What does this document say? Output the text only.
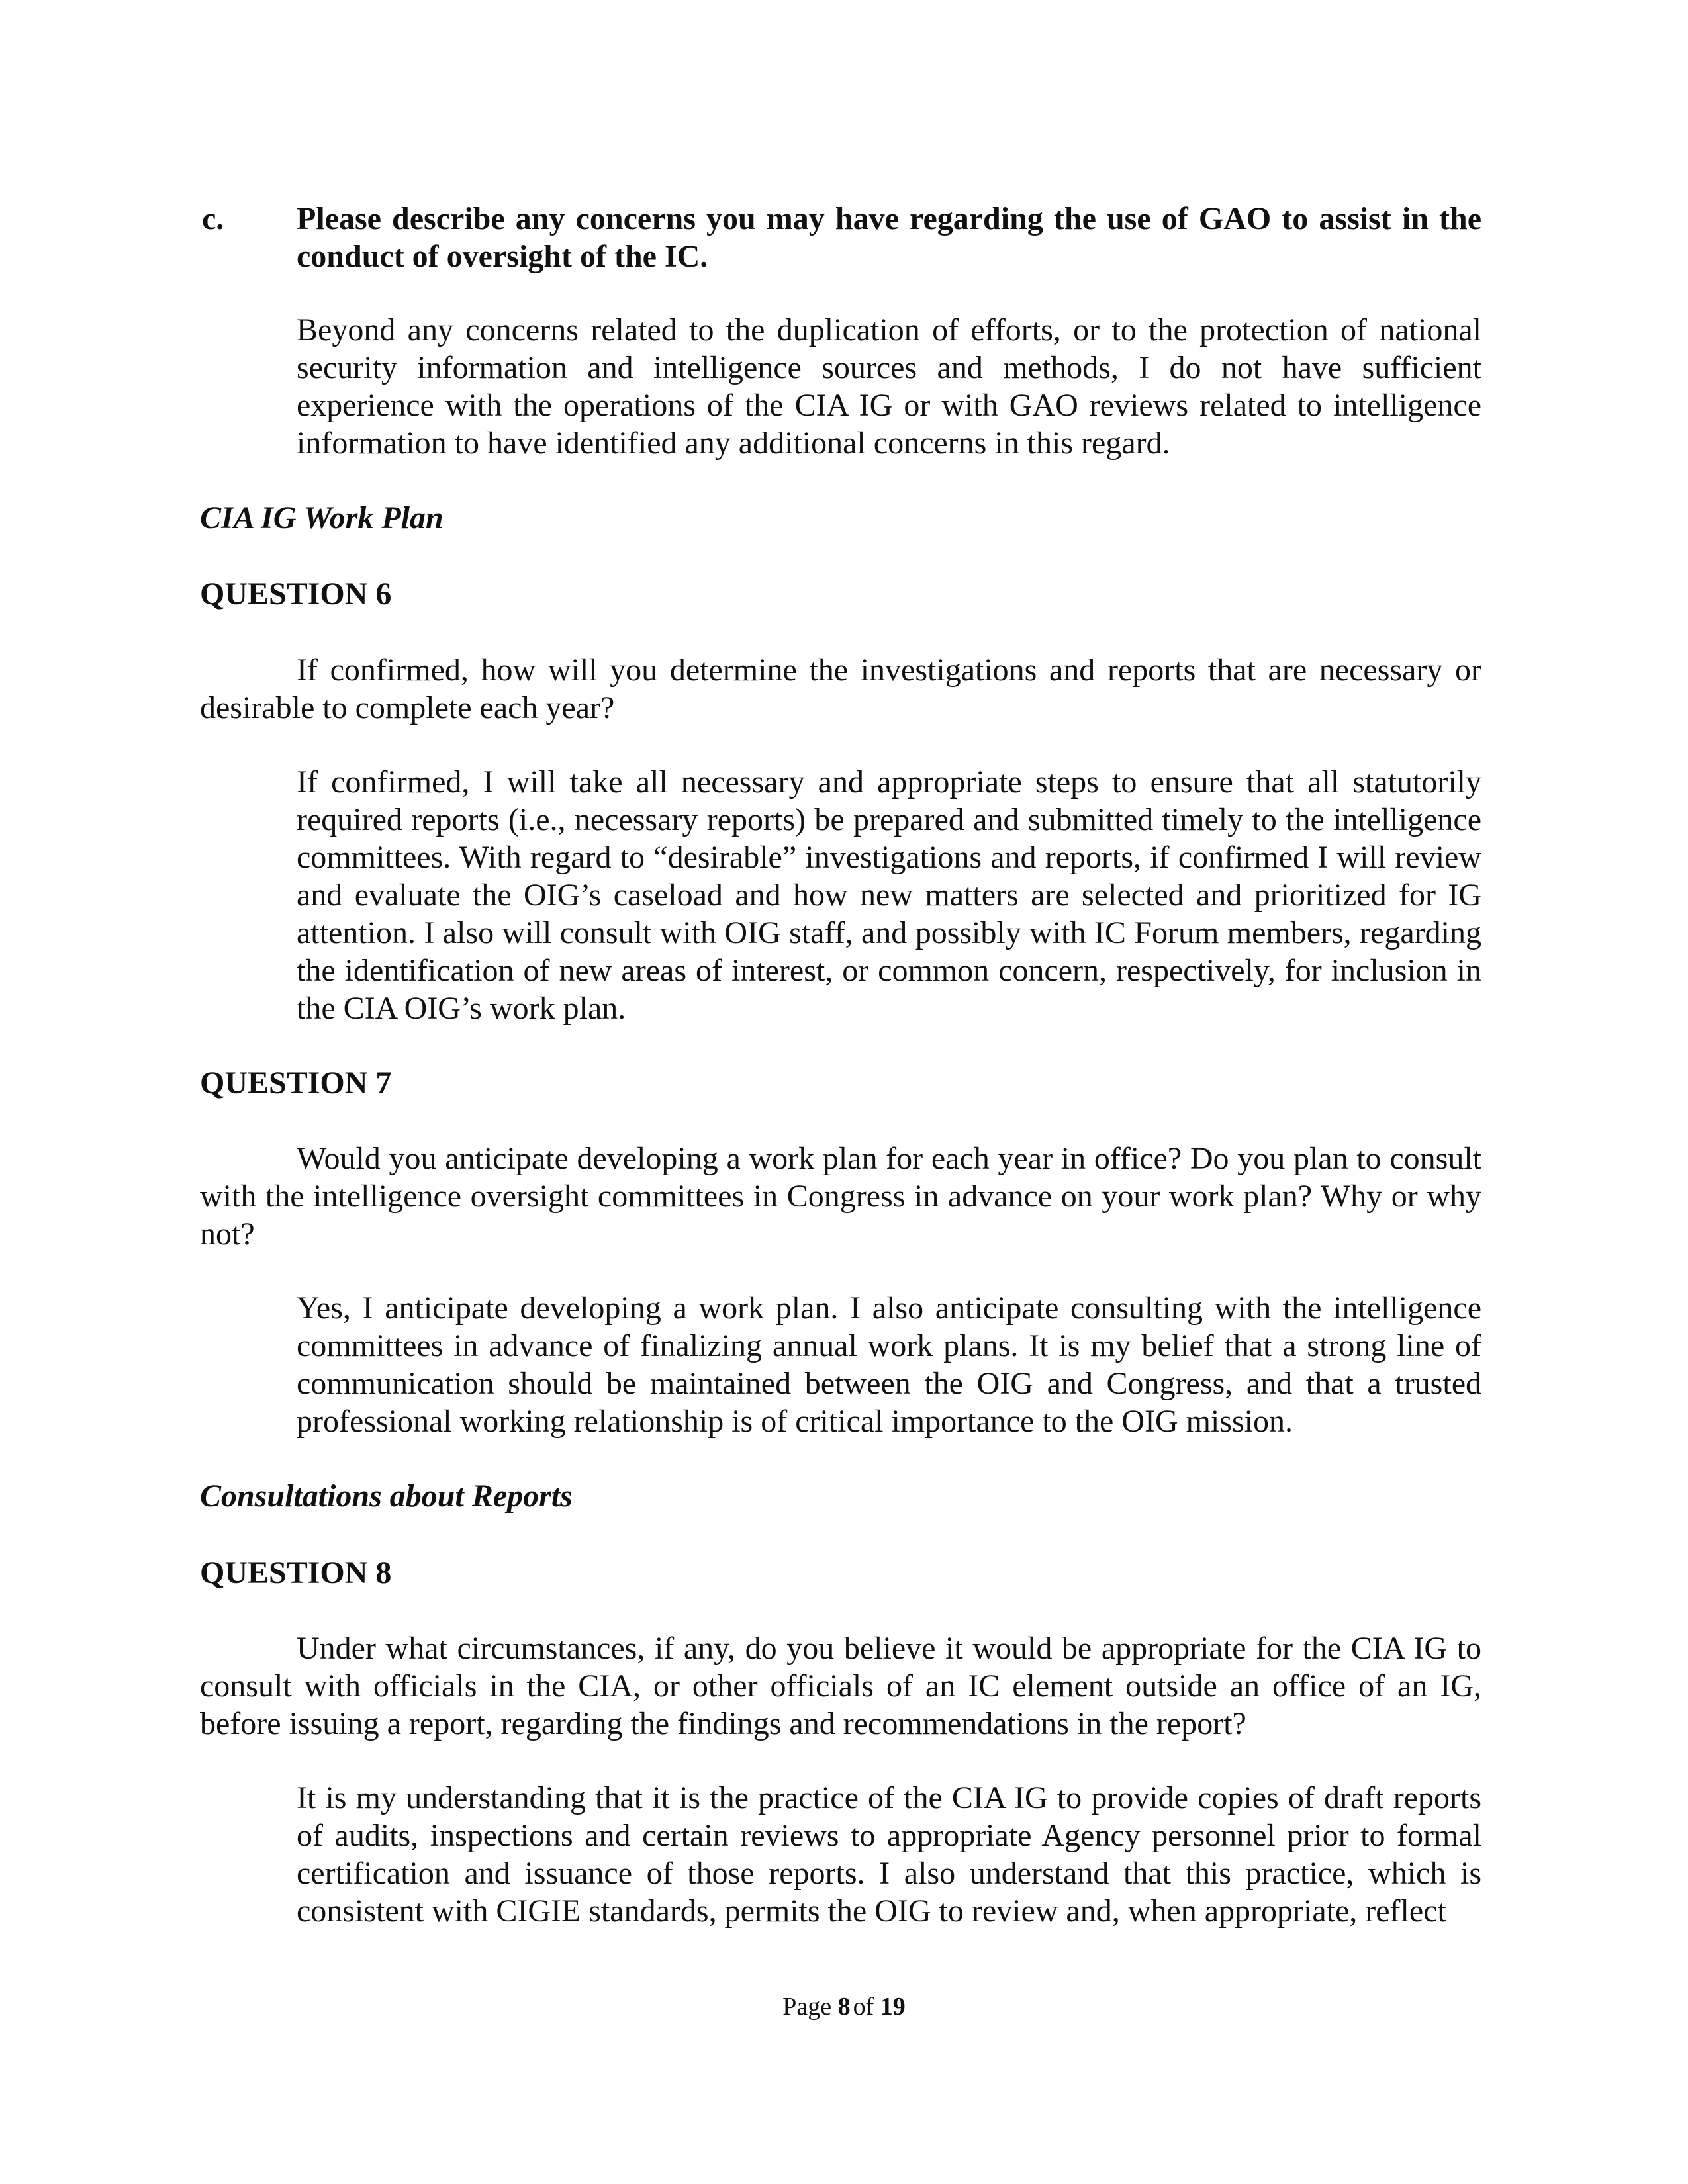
c. Please describe any concerns you may have regarding the use of GAO to assist in the conduct of oversight of the IC.

Beyond any concerns related to the duplication of efforts, or to the protection of national security information and intelligence sources and methods, I do not have sufficient experience with the operations of the CIA IG or with GAO reviews related to intelligence information to have identified any additional concerns in this regard.

CIA IG Work Plan

QUESTION 6

If confirmed, how will you determine the investigations and reports that are necessary or desirable to complete each year?

If confirmed, I will take all necessary and appropriate steps to ensure that all statutorily required reports (i.e., necessary reports) be prepared and submitted timely to the intelligence committees. With regard to “desirable” investigations and reports, if confirmed I will review and evaluate the OIG’s caseload and how new matters are selected and prioritized for IG attention. I also will consult with OIG staff, and possibly with IC Forum members, regarding the identification of new areas of interest, or common concern, respectively, for inclusion in the CIA OIG’s work plan.

QUESTION 7

Would you anticipate developing a work plan for each year in office? Do you plan to consult with the intelligence oversight committees in Congress in advance on your work plan? Why or why not?

Yes, I anticipate developing a work plan. I also anticipate consulting with the intelligence committees in advance of finalizing annual work plans. It is my belief that a strong line of communication should be maintained between the OIG and Congress, and that a trusted professional working relationship is of critical importance to the OIG mission.

Consultations about Reports

QUESTION 8

Under what circumstances, if any, do you believe it would be appropriate for the CIA IG to consult with officials in the CIA, or other officials of an IC element outside an office of an IG, before issuing a report, regarding the findings and recommendations in the report?

It is my understanding that it is the practice of the CIA IG to provide copies of draft reports of audits, inspections and certain reviews to appropriate Agency personnel prior to formal certification and issuance of those reports. I also understand that this practice, which is consistent with CIGIE standards, permits the OIG to review and, when appropriate, reflect

Page 8 of 19
